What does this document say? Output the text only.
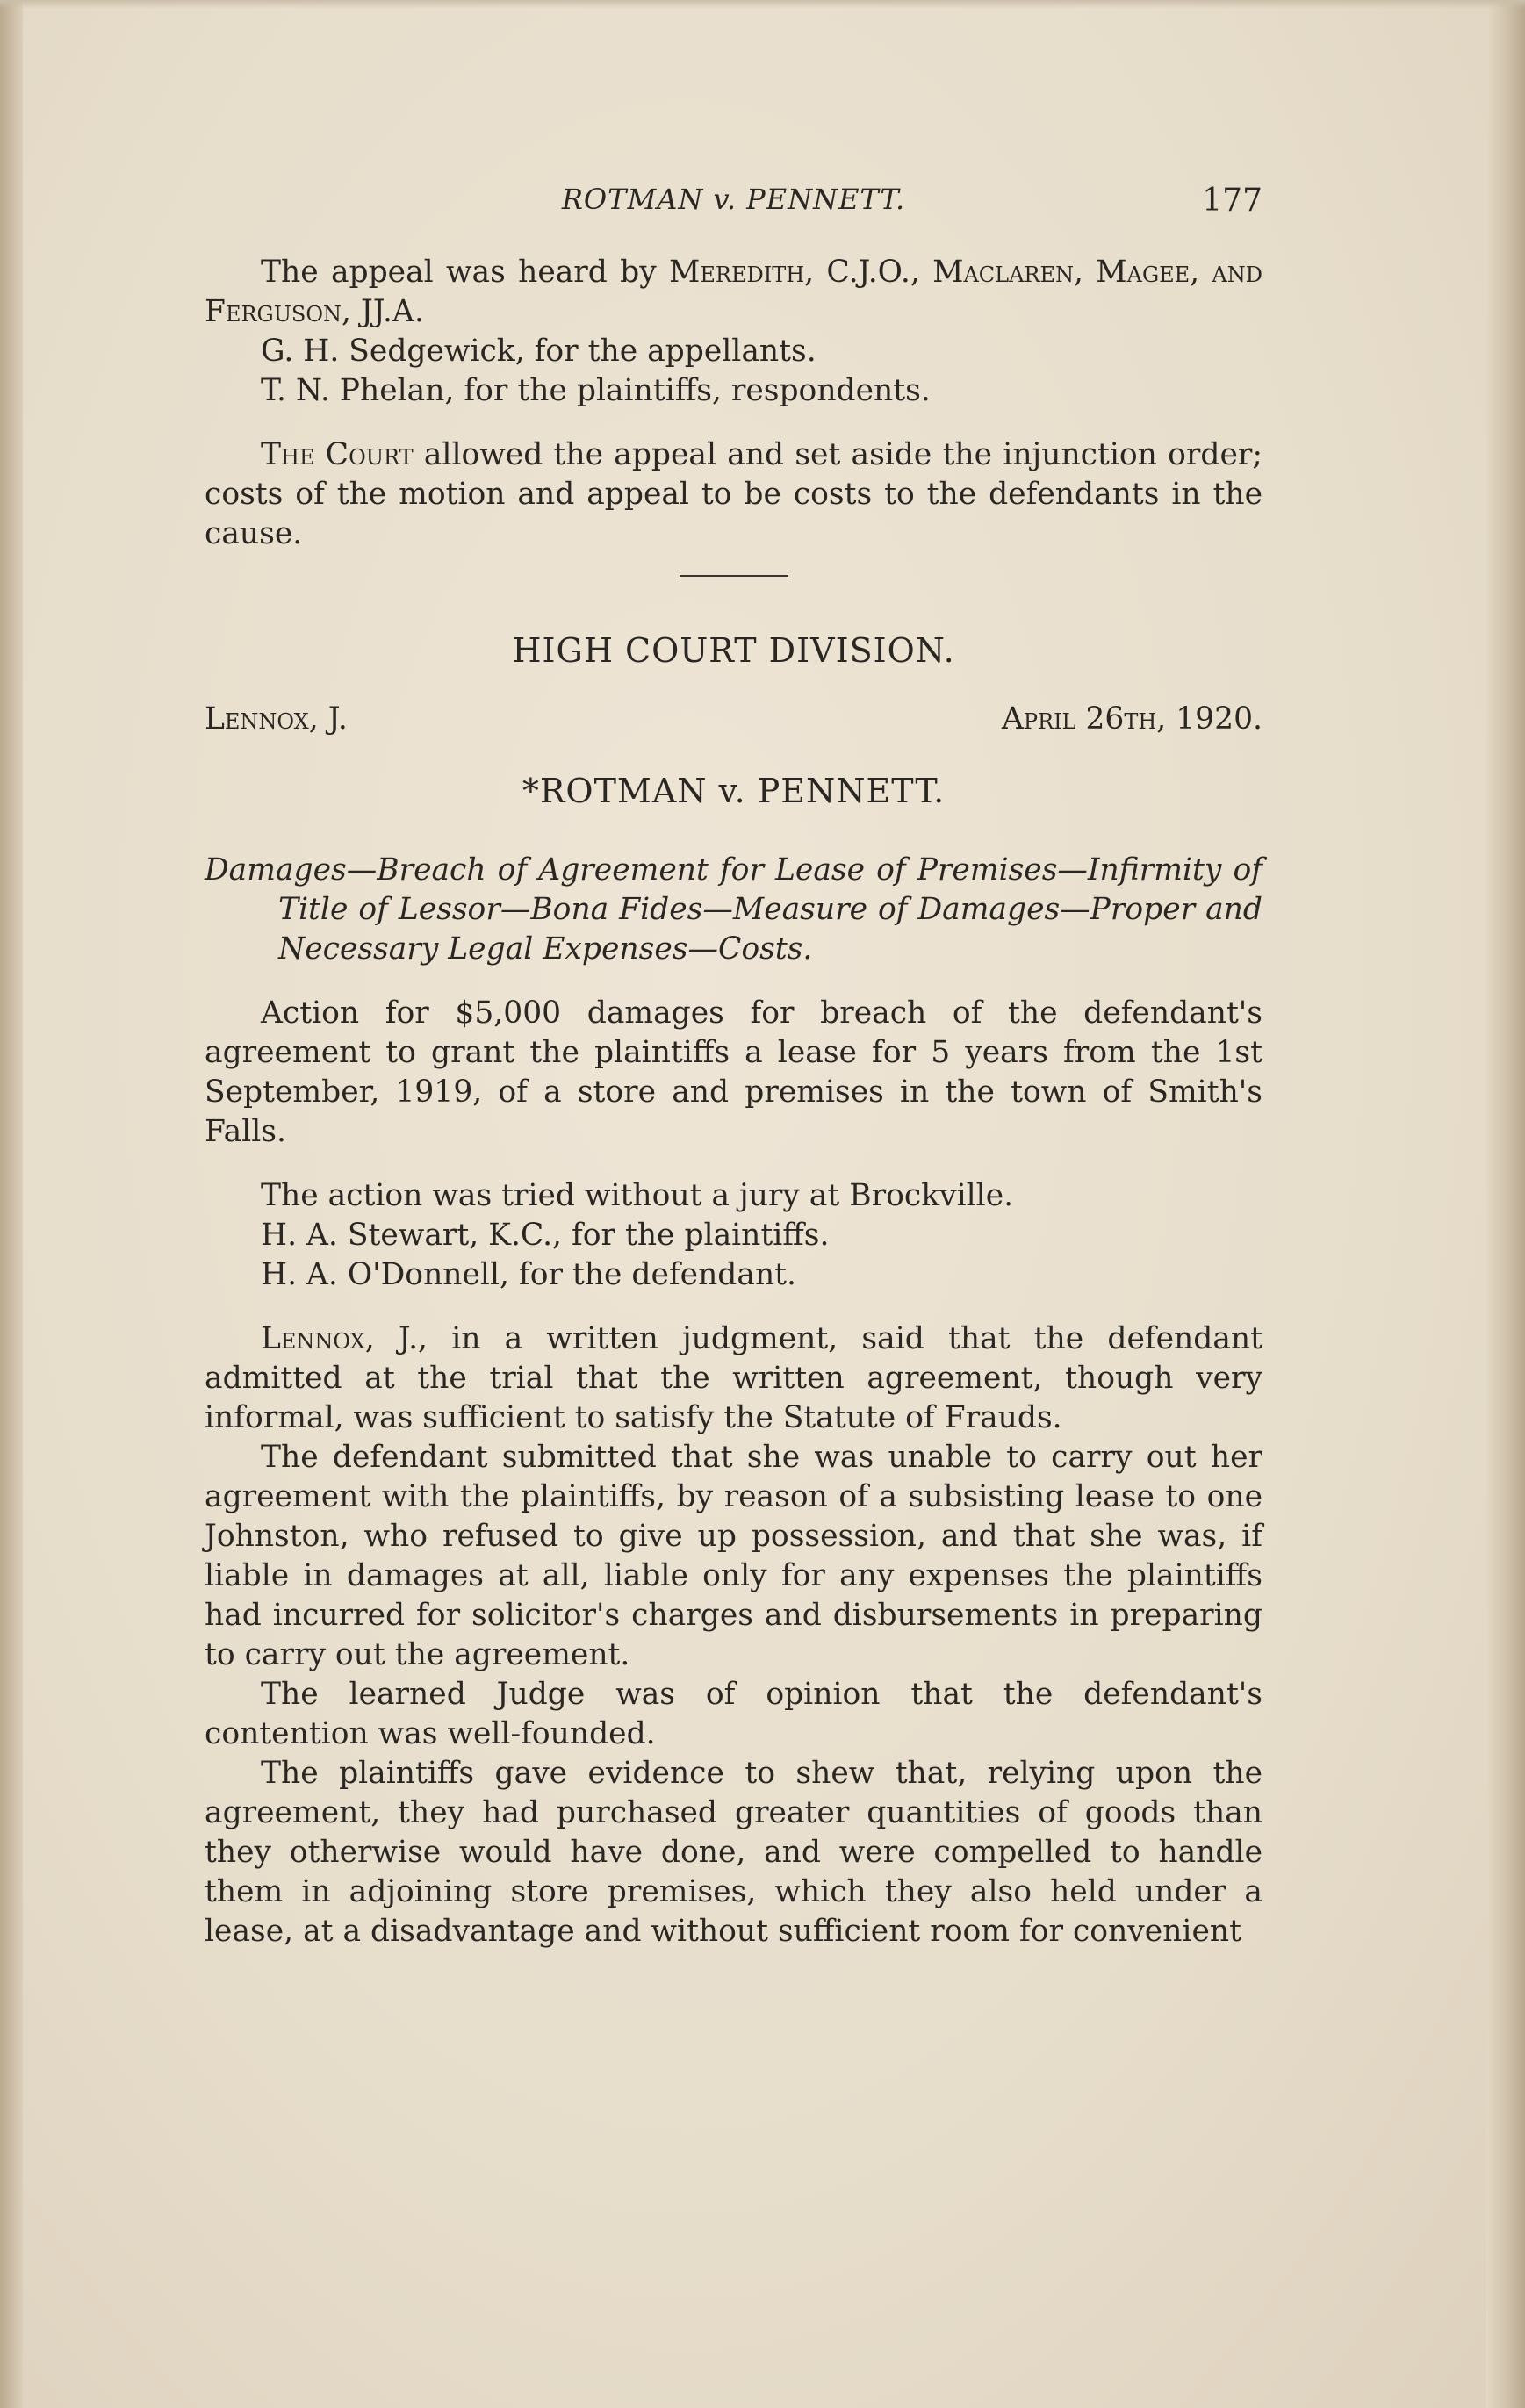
ROTMAN v. PENNETT.	177

The appeal was heard by Meredith, C.J.O., Maclaren, Magee, and Ferguson, JJ.A.

G. H. Sedgewick, for the appellants.

T. N. Phelan, for the plaintiffs, respondents.

The Court allowed the appeal and set aside the injunction order; costs of the motion and appeal to be costs to the defendants in the cause.

HIGH COURT DIVISION.
Lennox, J.	April 26th, 1920.
*ROTMAN v. PENNETT.

Damages—Breach of Agreement for Lease of Premises—Infirmity of Title of Lessor—Bona Fides—Measure of Damages—Proper and Necessary Legal Expenses—Costs.

Action for $5,000 damages for breach of the defendant's agreement to grant the plaintiffs a lease for 5 years from the 1st September, 1919, of a store and premises in the town of Smith's Falls.

The action was tried without a jury at Brockville.

H. A. Stewart, K.C., for the plaintiffs.

H. A. O'Donnell, for the defendant.

Lennox, J., in a written judgment, said that the defendant admitted at the trial that the written agreement, though very informal, was sufficient to satisfy the Statute of Frauds.

The defendant submitted that she was unable to carry out her agreement with the plaintiffs, by reason of a subsisting lease to one Johnston, who refused to give up possession, and that she was, if liable in damages at all, liable only for any expenses the plaintiffs had incurred for solicitor's charges and disbursements in preparing to carry out the agreement.

The learned Judge was of opinion that the defendant's contention was well-founded.

The plaintiffs gave evidence to shew that, relying upon the agreement, they had purchased greater quantities of goods than they otherwise would have done, and were compelled to handle them in adjoining store premises, which they also held under a lease, at a disadvantage and without sufficient room for convenient
